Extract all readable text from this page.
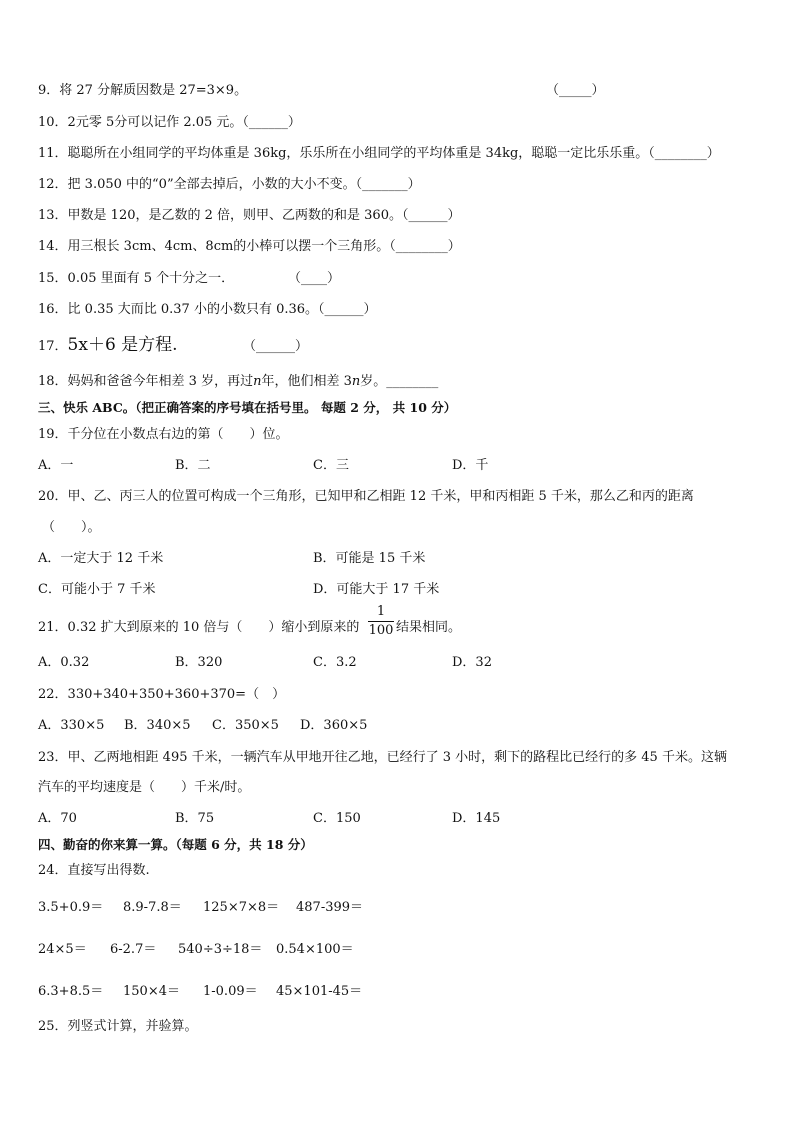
9．将 27 分解质因数是 27=3×9。	（_____）
10．2元零 5分可以记作 2.05 元。（______）
11．聪聪所在小组同学的平均体重是 36kg，乐乐所在小组同学的平均体重是 34kg，聪聪一定比乐乐重。（________）
12．把 3.050 中的“0”全部去掉后，小数的大小不变。（_______）
13．甲数是 120，是乙数的 2 倍，则甲、乙两数的和是 360。（______）
14．用三根长 3cm、4cm、8cm的小棒可以摆一个三角形。（________）
15．0.05 里面有 5 个十分之一．	（____）
16．比 0.35 大而比 0.37 小的小数只有 0.36。（______）
17．5x＋6 是方程.	（______）
18．妈妈和爸爸今年相差 3 岁，再过n年，他们相差 3n岁。________
三、快乐 ABC。（把正确答案的序号填在括号里。 每题 2 分， 共 10 分）
19．千分位在小数点右边的第（　　）位。
A．一	B．二	C．三	D．千
20．甲、乙、丙三人的位置可构成一个三角形，已知甲和乙相距 12 千米，甲和丙相距 5 千米，那么乙和丙的距离
（　　）。
A．一定大于 12 千米	B．可能是 15 千米
C．可能小于 7 千米	D．可能大于 17 千米
21．0.32 扩大到原来的 10 倍与（　　）缩小到原来的
1
100 结果相同。
A．0.32	B．320	C．3.2	D．32
22．330+340+350+360+370=（　）
A．330×5 B．340×5 C．350×5 D．360×5
23．甲、乙两地相距 495 千米，一辆汽车从甲地开往乙地，已经行了 3 小时，剩下的路程比已经行的多 45 千米。这辆
汽车的平均速度是（　　）千米/时。
A．70	B．75	C．150	D．145
四、勤奋的你来算一算。（每题 6 分，共 18 分）
24．直接写出得数.
3.5+0.9＝ 8.9-7.8＝ 125×7×8＝ 487-399＝
24×5＝ 6-2.7＝ 540÷3÷18＝ 0.54×100＝
6.3+8.5＝ 150×4＝ 1-0.09＝ 45×101-45＝
25．列竖式计算，并验算。
